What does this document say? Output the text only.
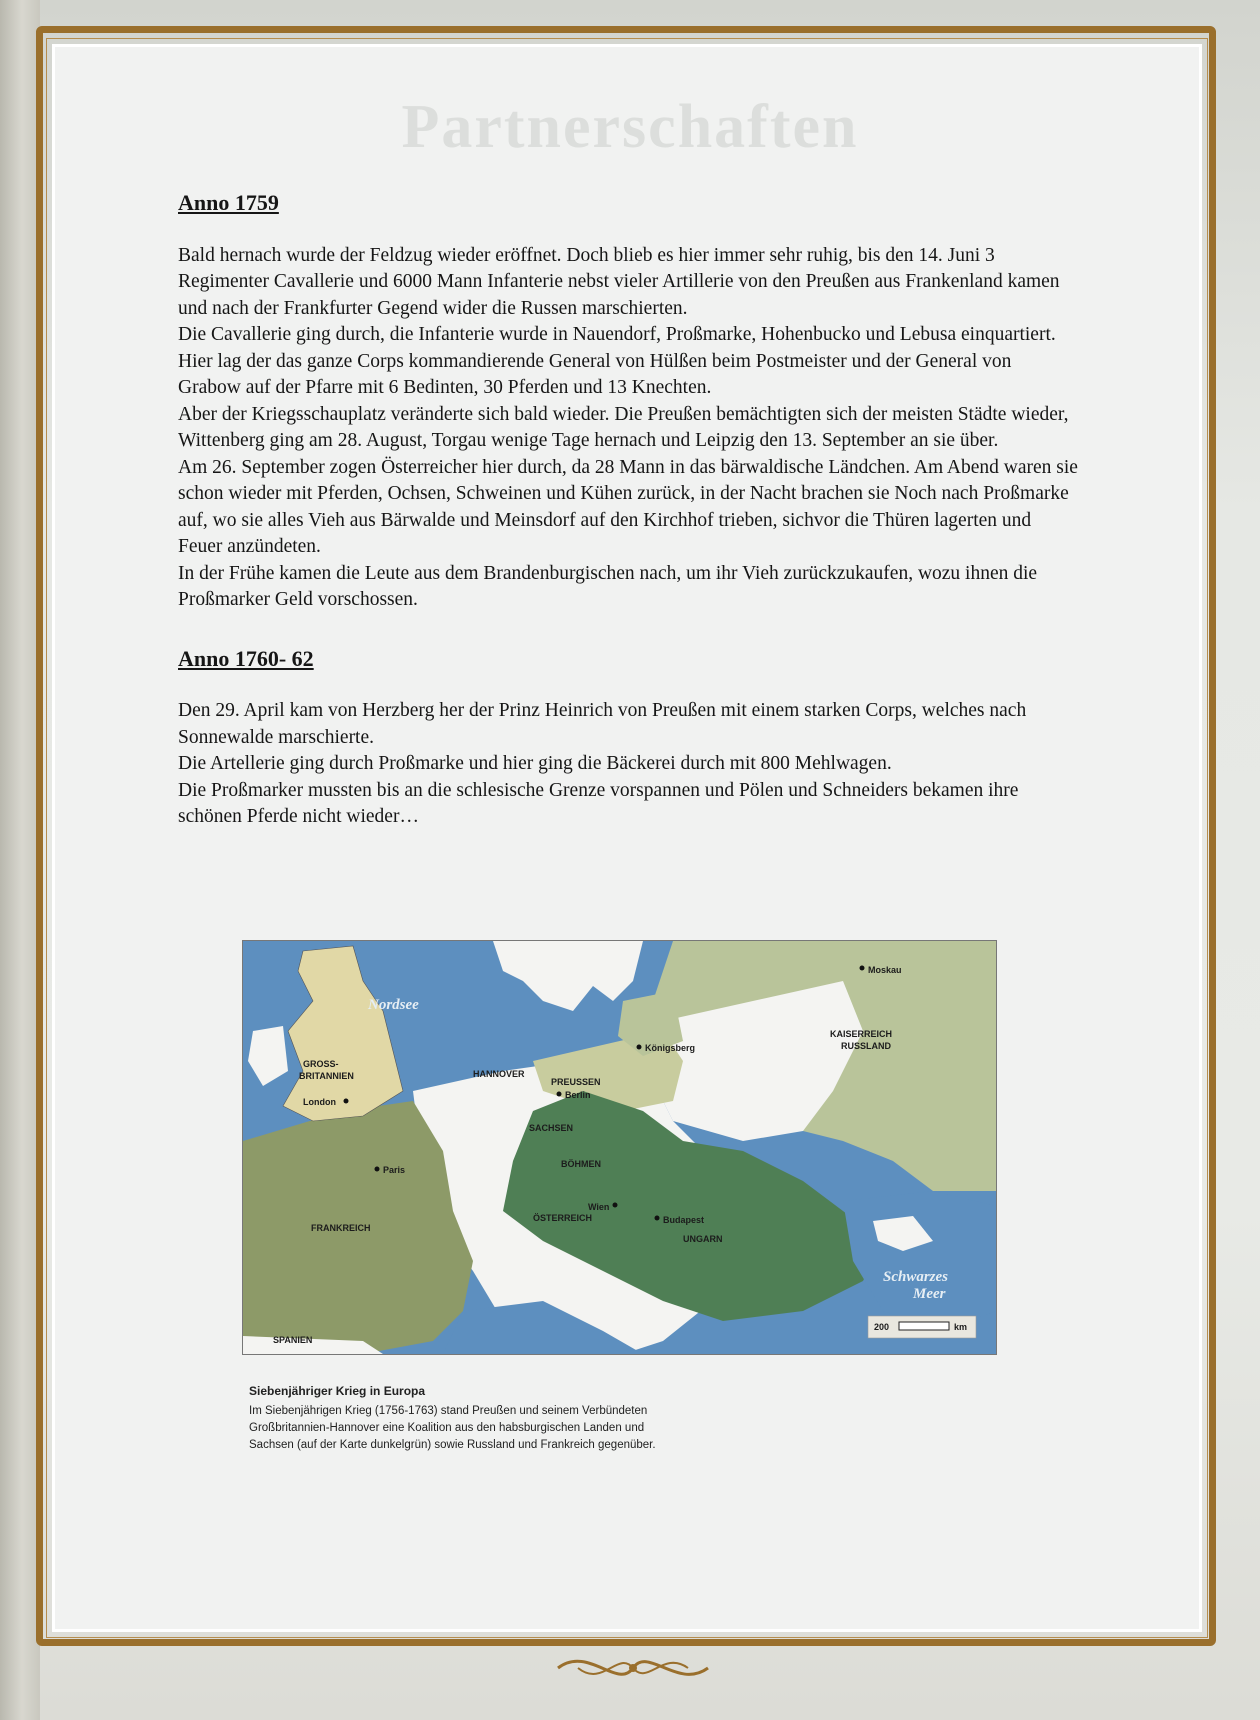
Partnerschaften

Anno 1759

Bald hernach wurde der Feldzug wieder eröffnet. Doch blieb es hier immer sehr ruhig, bis den 14. Juni 3 Regimenter Cavallerie und 6000 Mann Infanterie nebst vieler Artillerie von den Preußen aus Frankenland kamen und nach der Frankfurter Gegend wider die Russen marschierten.

Die Cavallerie ging durch, die Infanterie wurde in Nauendorf, Proßmarke, Hohenbucko und Lebusa einquartiert. Hier lag der das ganze Corps kommandierende General von Hülßen beim Postmeister und der General von Grabow auf der Pfarre mit 6 Bedinten, 30 Pferden und 13 Knechten.

Aber der Kriegsschauplatz veränderte sich bald wieder. Die Preußen bemächtigten sich der meisten Städte wieder, Wittenberg ging am 28. August, Torgau wenige Tage hernach und Leipzig den 13. September an sie über.

Am 26. September zogen Österreicher hier durch, da 28 Mann in das bärwaldische Ländchen. Am Abend waren sie schon wieder mit Pferden, Ochsen, Schweinen und Kühen zurück, in der Nacht brachen sie Noch nach Proßmarke auf, wo sie alles Vieh aus Bärwalde und Meinsdorf auf den Kirchhof trieben, sichvor die Thüren lagerten und Feuer anzündeten.

In der Frühe kamen die Leute aus dem Brandenburgischen nach, um ihr Vieh zurückzukaufen, wozu ihnen die Proßmarker Geld vorschossen.

Anno 1760- 62

Den 29. April kam von Herzberg her der Prinz Heinrich von Preußen mit einem starken Corps, welches nach Sonnewalde marschierte.

Die Artellerie ging durch Proßmarke und hier ging die Bäckerei durch mit 800 Mehlwagen.

Die Proßmarker mussten bis an die schlesische Grenze vorspannen und Pölen und Schneiders bekamen ihre schönen Pferde nicht wieder…

Nordsee
Moskau
KAISERREICH
RUSSLAND
Königsberg
GROSS-
BRITANNIEN
London
HANNOVER
PREUSSEN
Berlin
SACHSEN
Paris
BÖHMEN
Wien
ÖSTERREICH	Budapest
UNGARN
FRANKREICH
SPANIEN
Schwarzes
Meer
200	km
Siebenjähriger Krieg in Europa
Im Siebenjährigen Krieg (1756-1763) stand Preußen und seinem Verbündeten
Großbritannien-Hannover eine Koalition aus den habsburgischen Landen und
Sachsen (auf der Karte dunkelgrün) sowie Russland und Frankreich gegenüber.
